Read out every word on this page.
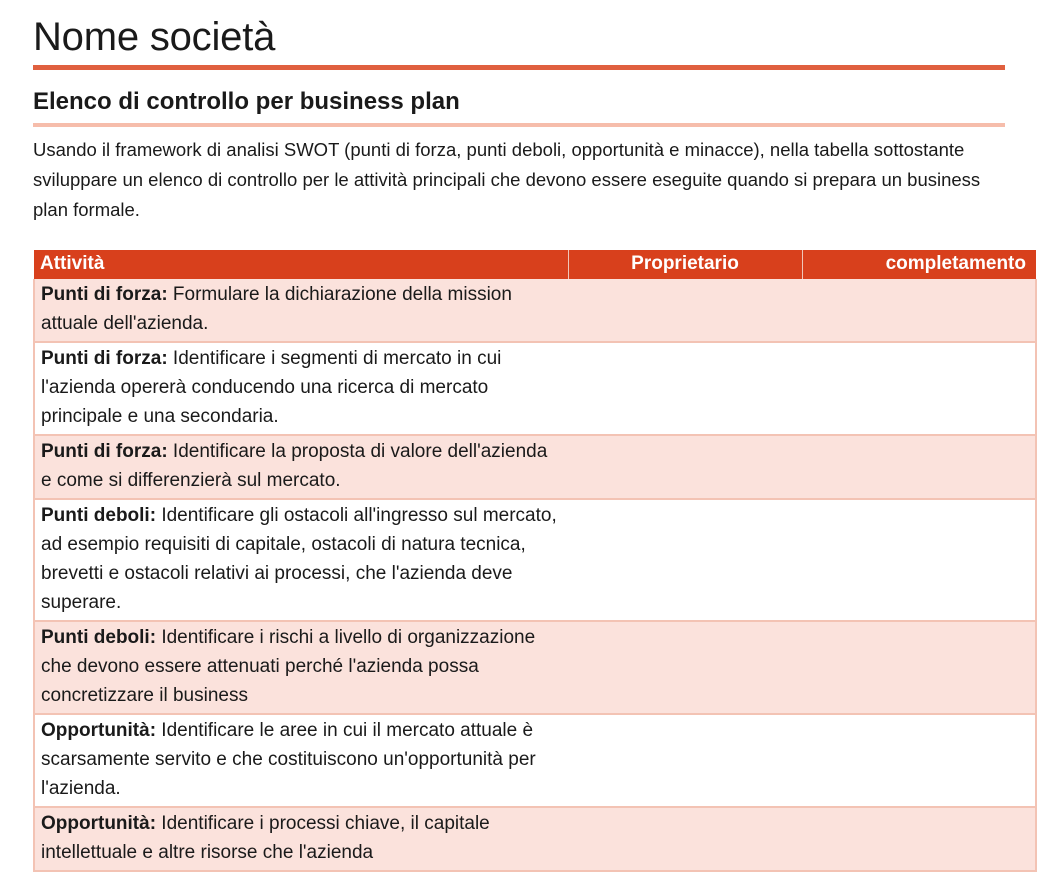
Nome società
Elenco di controllo per business plan

Usando il framework di analisi SWOT (punti di forza, punti deboli, opportunità e minacce), nella tabella sottostante sviluppare un elenco di controllo per le attività principali che devono essere eseguite quando si prepara un business plan formale.

Attività	Proprietario	completamento
Punti di forza: Formulare la dichiarazione della mission attuale dell'azienda.		
Punti di forza: Identificare i segmenti di mercato in cui l'azienda opererà conducendo una ricerca di mercato principale e una secondaria.		
Punti di forza: Identificare la proposta di valore dell'azienda e come si differenzierà sul mercato.		
Punti deboli: Identificare gli ostacoli all'ingresso sul mercato, ad esempio requisiti di capitale, ostacoli di natura tecnica, brevetti e ostacoli relativi ai processi, che l'azienda deve superare.		
Punti deboli: Identificare i rischi a livello di organizzazione che devono essere attenuati perché l'azienda possa concretizzare il business		
Opportunità: Identificare le aree in cui il mercato attuale è scarsamente servito e che costituiscono un'opportunità per l'azienda.		
Opportunità: Identificare i processi chiave, il capitale intellettuale e altre risorse che l'azienda		
